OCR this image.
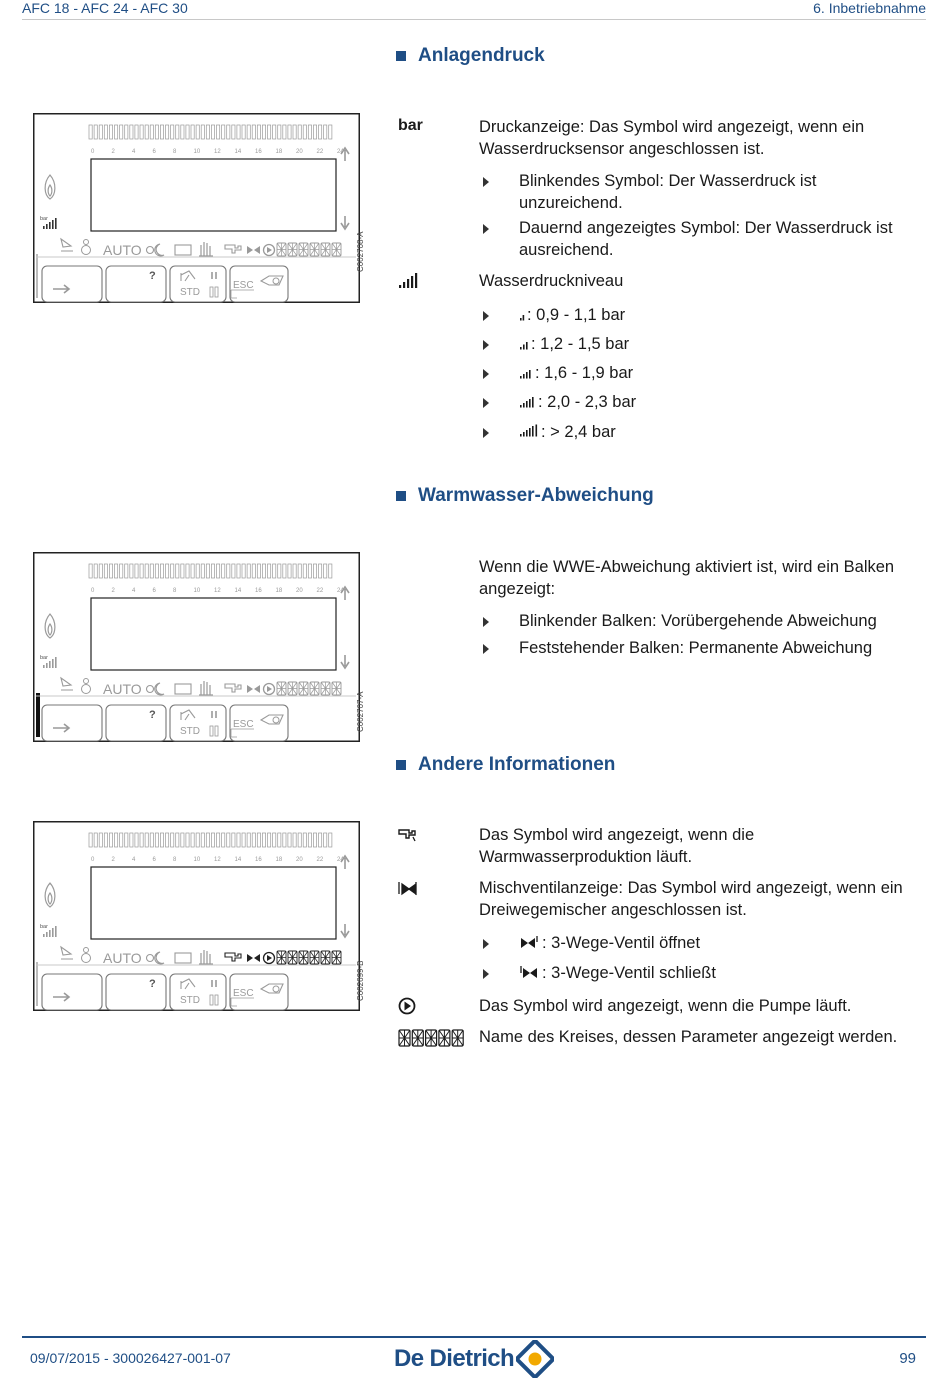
AFC 18 - AFC 24 - AFC 30	6. Inbetriebnahme
Anlagendruck
0	2	4	6	8	10 12 14 16 18 20 22 24
bar
AUTO
?
STD
ESC
C002708-A
bar	Druckanzeige: Das Symbol wird angezeigt, wenn ein Wasserdrucksensor angeschlossen ist.
Blinkendes Symbol: Der Wasserdruck ist unzureichend.
Dauernd angezeigtes Symbol: Der Wasserdruck ist ausreichend.
Wasserdruckniveau
: 0,9 - 1,1 bar
: 1,2 - 1,5 bar
: 1,6 - 1,9 bar
: 2,0 - 2,3 bar
: > 2,4 bar
Warmwasser-Abweichung
0	2	4	6	8	10 12 14 16 18 20 22 24
bar
AUTO
?
STD
ESC	C002707-A
Wenn die WWE-Abweichung aktiviert ist, wird ein Balken angezeigt:
Blinkender Balken: Vorübergehende Abweichung
Feststehender Balken: Permanente Abweichung
Andere Informationen
0	2	4	6	8	10 12 14 16 18 20 22 24
bar
AUTO
?
STD
ESC	C002699-B
Das Symbol wird angezeigt, wenn die Warmwasserproduktion läuft.
Mischventilanzeige: Das Symbol wird angezeigt, wenn ein Dreiwegemischer angeschlossen ist.
: 3-Wege-Ventil öffnet
: 3-Wege-Ventil schließt
Das Symbol wird angezeigt, wenn die Pumpe läuft.
Name des Kreises, dessen Parameter angezeigt werden.
09/07/2015 - 300026427-001-07	De Dietrich	99
